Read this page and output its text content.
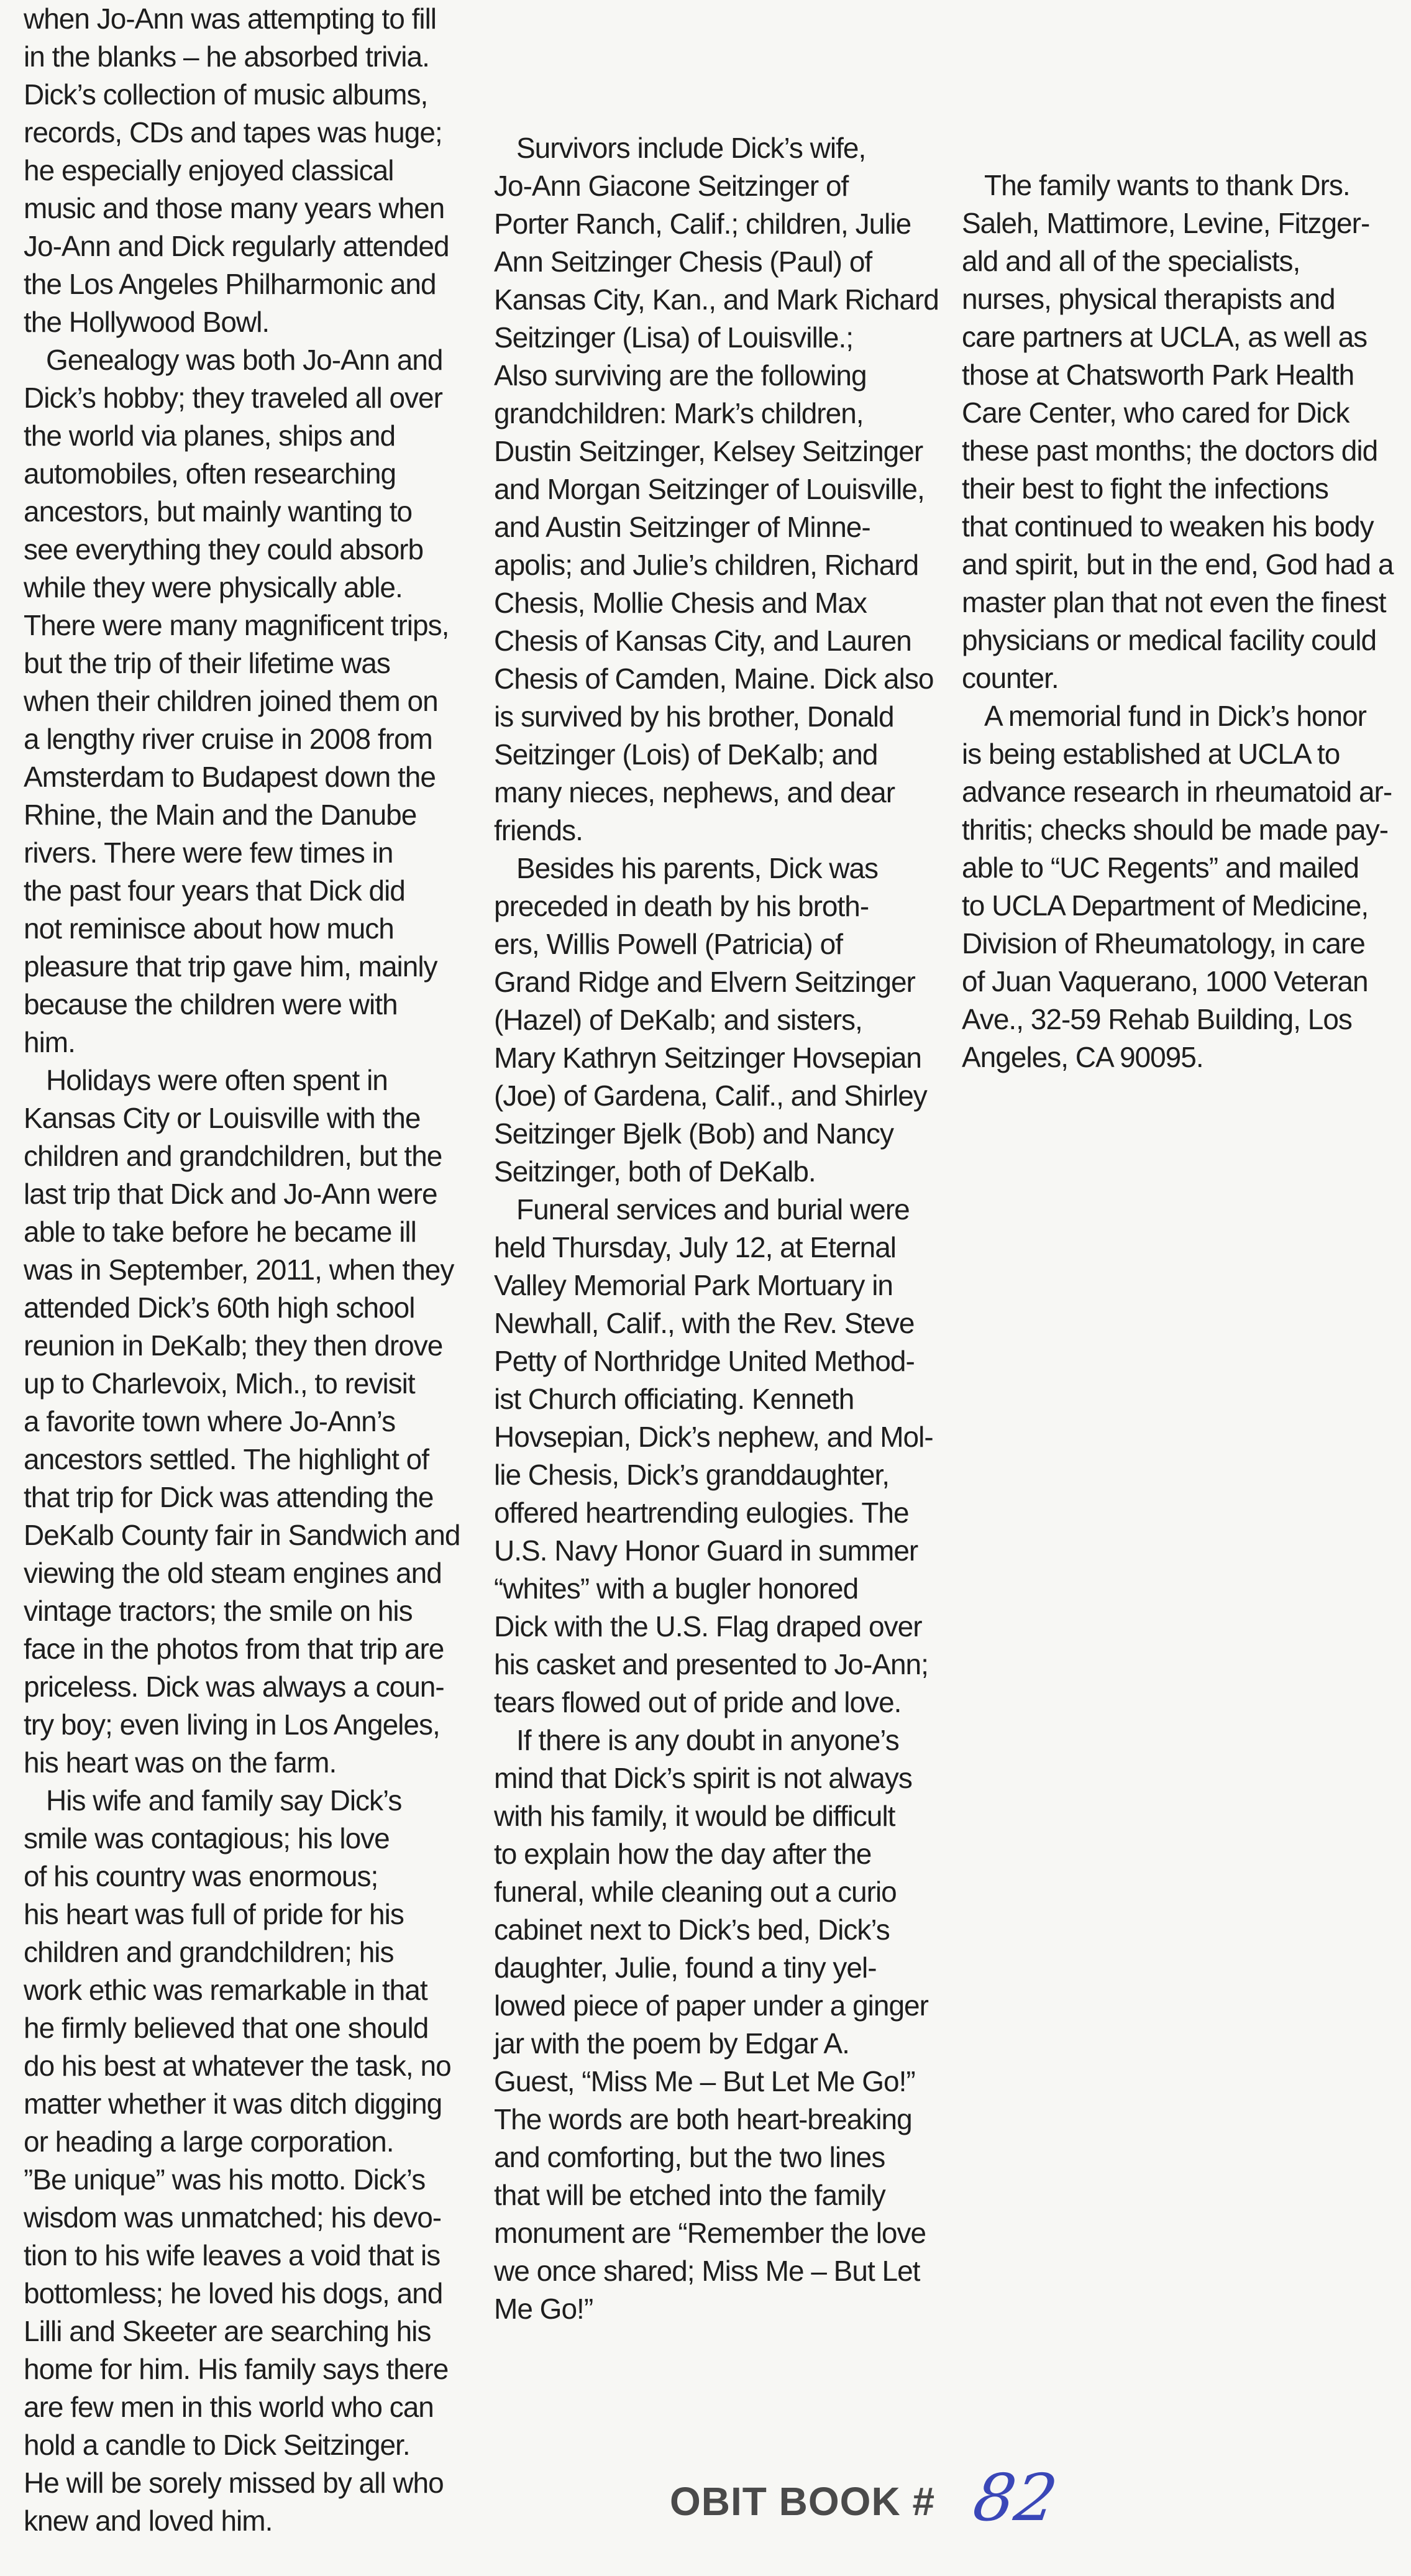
when Jo-Ann was attempting to fill
in the blanks – he absorbed trivia.
Dick’s collection of music albums,
records, CDs and tapes was huge;
he especially enjoyed classical
music and those many years when
Jo-Ann and Dick regularly attended
the Los Angeles Philharmonic and
the Hollywood Bowl.
Genealogy was both Jo-Ann and
Dick’s hobby; they traveled all over
the world via planes, ships and
automobiles, often researching
ancestors, but mainly wanting to
see everything they could absorb
while they were physically able.
There were many magnificent trips,
but the trip of their lifetime was
when their children joined them on
a lengthy river cruise in 2008 from
Amsterdam to Budapest down the
Rhine, the Main and the Danube
rivers. There were few times in
the past four years that Dick did
not reminisce about how much
pleasure that trip gave him, mainly
because the children were with
him.
Holidays were often spent in
Kansas City or Louisville with the
children and grandchildren, but the
last trip that Dick and Jo-Ann were
able to take before he became ill
was in September, 2011, when they
attended Dick’s 60th high school
reunion in DeKalb; they then drove
up to Charlevoix, Mich., to revisit
a favorite town where Jo-Ann’s
ancestors settled. The highlight of
that trip for Dick was attending the
DeKalb County fair in Sandwich and
viewing the old steam engines and
vintage tractors; the smile on his
face in the photos from that trip are
priceless. Dick was always a coun-
try boy; even living in Los Angeles,
his heart was on the farm.
His wife and family say Dick’s
smile was contagious; his love
of his country was enormous;
his heart was full of pride for his
children and grandchildren; his
work ethic was remarkable in that
he firmly believed that one should
do his best at whatever the task, no
matter whether it was ditch digging
or heading a large corporation.
”Be unique” was his motto. Dick’s
wisdom was unmatched; his devo-
tion to his wife leaves a void that is
bottomless; he loved his dogs, and
Lilli and Skeeter are searching his
home for him. His family says there
are few men in this world who can
hold a candle to Dick Seitzinger.
He will be sorely missed by all who
knew and loved him.
Survivors include Dick’s wife,
Jo-Ann Giacone Seitzinger of
Porter Ranch, Calif.; children, Julie
Ann Seitzinger Chesis (Paul) of
Kansas City, Kan., and Mark Richard
Seitzinger (Lisa) of Louisville.;
Also surviving are the following
grandchildren: Mark’s children,
Dustin Seitzinger, Kelsey Seitzinger
and Morgan Seitzinger of Louisville,
and Austin Seitzinger of Minne-
apolis; and Julie’s children, Richard
Chesis, Mollie Chesis and Max
Chesis of Kansas City, and Lauren
Chesis of Camden, Maine. Dick also
is survived by his brother, Donald
Seitzinger (Lois) of DeKalb; and
many nieces, nephews, and dear
friends.
Besides his parents, Dick was
preceded in death by his broth-
ers, Willis Powell (Patricia) of
Grand Ridge and Elvern Seitzinger
(Hazel) of DeKalb; and sisters,
Mary Kathryn Seitzinger Hovsepian
(Joe) of Gardena, Calif., and Shirley
Seitzinger Bjelk (Bob) and Nancy
Seitzinger, both of DeKalb.
Funeral services and burial were
held Thursday, July 12, at Eternal
Valley Memorial Park Mortuary in
Newhall, Calif., with the Rev. Steve
Petty of Northridge United Method-
ist Church officiating. Kenneth
Hovsepian, Dick’s nephew, and Mol-
lie Chesis, Dick’s granddaughter,
offered heartrending eulogies. The
U.S. Navy Honor Guard in summer
“whites” with a bugler honored
Dick with the U.S. Flag draped over
his casket and presented to Jo-Ann;
tears flowed out of pride and love.
If there is any doubt in anyone’s
mind that Dick’s spirit is not always
with his family, it would be difficult
to explain how the day after the
funeral, while cleaning out a curio
cabinet next to Dick’s bed, Dick’s
daughter, Julie, found a tiny yel-
lowed piece of paper under a ginger
jar with the poem by Edgar A.
Guest, “Miss Me – But Let Me Go!”
The words are both heart-breaking
and comforting, but the two lines
that will be etched into the family
monument are “Remember the love
we once shared; Miss Me – But Let
Me Go!”
The family wants to thank Drs.
Saleh, Mattimore, Levine, Fitzger-
ald and all of the specialists,
nurses, physical therapists and
care partners at UCLA, as well as
those at Chatsworth Park Health
Care Center, who cared for Dick
these past months; the doctors did
their best to fight the infections
that continued to weaken his body
and spirit, but in the end, God had a
master plan that not even the finest
physicians or medical facility could
counter.
A memorial fund in Dick’s honor
is being established at UCLA to
advance research in rheumatoid ar-
thritis; checks should be made pay-
able to “UC Regents” and mailed
to UCLA Department of Medicine,
Division of Rheumatology, in care
of Juan Vaquerano, 1000 Veteran
Ave., 32-59 Rehab Building, Los
Angeles, CA 90095.
OBIT BOOK # 82
